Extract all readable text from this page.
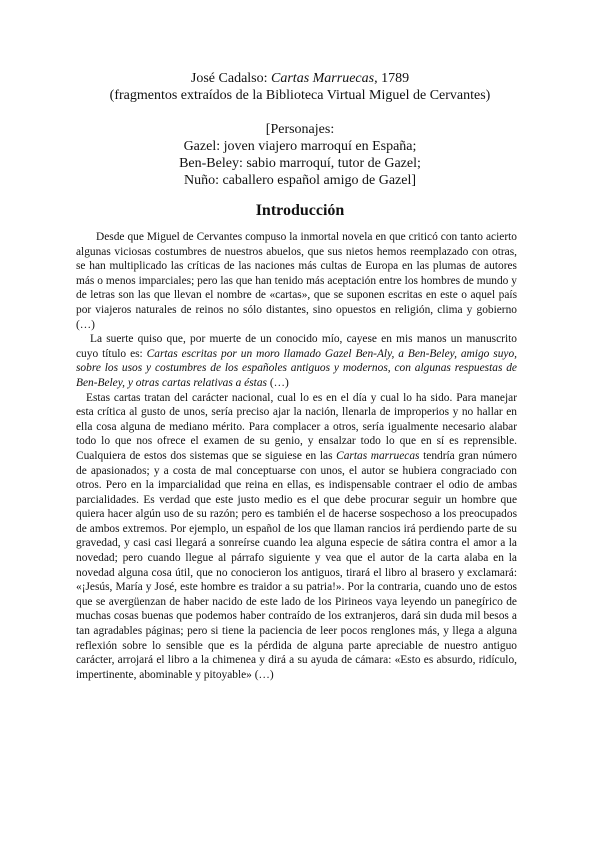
José Cadalso: Cartas Marruecas, 1789
(fragmentos extraídos de la Biblioteca Virtual Miguel de Cervantes)
[Personajes:
Gazel: joven viajero marroquí en España;
Ben-Beley: sabio marroquí, tutor de Gazel;
Nuño: caballero español amigo de Gazel]
Introducción

Desde que Miguel de Cervantes compuso la inmortal novela en que criticó con tanto acierto algunas viciosas costumbres de nuestros abuelos, que sus nietos hemos reemplazado con otras, se han multiplicado las críticas de las naciones más cultas de Europa en las plumas de autores más o menos imparciales; pero las que han tenido más aceptación entre los hombres de mundo y de letras son las que llevan el nombre de «cartas», que se suponen escritas en este o aquel país por viajeros naturales de reinos no sólo distantes, sino opuestos en religión, clima y gobierno (…)

La suerte quiso que, por muerte de un conocido mío, cayese en mis manos un manuscrito cuyo título es: Cartas escritas por un moro llamado Gazel Ben-Aly, a Ben-Beley, amigo suyo, sobre los usos y costumbres de los españoles antiguos y modernos, con algunas respuestas de Ben-Beley, y otras cartas relativas a éstas (…)

Estas cartas tratan del carácter nacional, cual lo es en el día y cual lo ha sido. Para manejar esta crítica al gusto de unos, sería preciso ajar la nación, llenarla de improperios y no hallar en ella cosa alguna de mediano mérito. Para complacer a otros, sería igualmente necesario alabar todo lo que nos ofrece el examen de su genio, y ensalzar todo lo que en sí es reprensible. Cualquiera de estos dos sistemas que se siguiese en las Cartas marruecas tendría gran número de apasionados; y a costa de mal conceptuarse con unos, el autor se hubiera congraciado con otros. Pero en la imparcialidad que reina en ellas, es indispensable contraer el odio de ambas parcialidades. Es verdad que este justo medio es el que debe procurar seguir un hombre que quiera hacer algún uso de su razón; pero es también el de hacerse sospechoso a los preocupados de ambos extremos. Por ejemplo, un español de los que llaman rancios irá perdiendo parte de su gravedad, y casi casi llegará a sonreírse cuando lea alguna especie de sátira contra el amor a la novedad; pero cuando llegue al párrafo siguiente y vea que el autor de la carta alaba en la novedad alguna cosa útil, que no conocieron los antiguos, tirará el libro al brasero y exclamará: «¡Jesús, María y José, este hombre es traidor a su patria!». Por la contraria, cuando uno de estos que se avergüenzan de haber nacido de este lado de los Pirineos vaya leyendo un panegírico de muchas cosas buenas que podemos haber contraído de los extranjeros, dará sin duda mil besos a tan agradables páginas; pero si tiene la paciencia de leer pocos renglones más, y llega a alguna reflexión sobre lo sensible que es la pérdida de alguna parte apreciable de nuestro antiguo carácter, arrojará el libro a la chimenea y dirá a su ayuda de cámara: «Esto es absurdo, ridículo, impertinente, abominable y pitoyable» (…)
